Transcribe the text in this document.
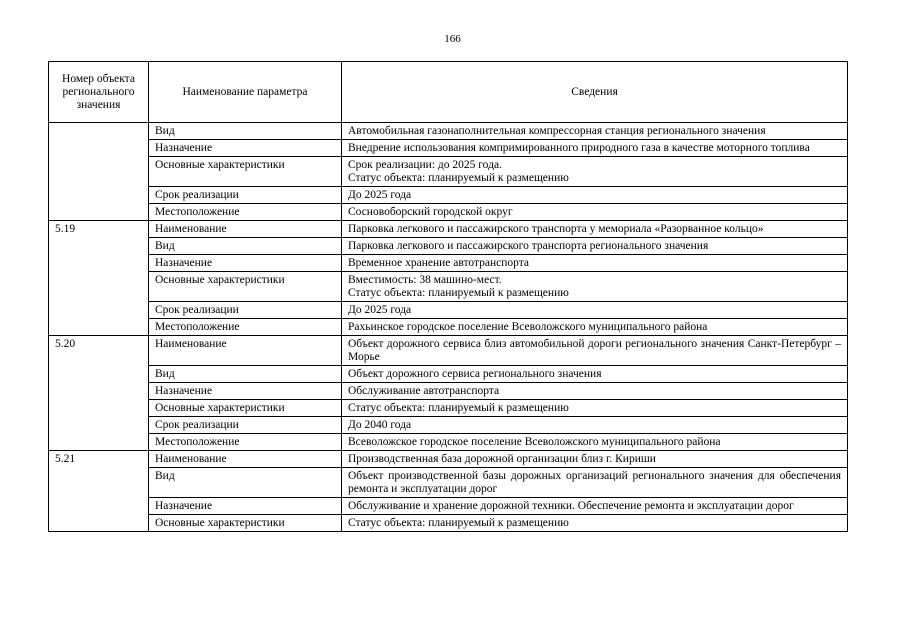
166
Номер объекта регионального значения	Наименование параметра	Сведения
	Вид	Автомобильная газонаполнительная компрессорная станция регионального значения
	Назначение	Внедрение использования компримированного природного газа в качестве моторного топлива
	Основные характеристики	Срок реализации: до 2025 года.
Статус объекта: планируемый к размещению
	Срок реализации	До 2025 года
	Местоположение	Сосновоборский городской округ
5.19	Наименование	Парковка легкового и пассажирского транспорта у мемориала «Разорванное кольцо»
	Вид	Парковка легкового и пассажирского транспорта регионального значения
	Назначение	Временное хранение автотранспорта
	Основные характеристики	Вместимость: 38 машино-мест.
Статус объекта: планируемый к размещению
	Срок реализации	До 2025 года
	Местоположение	Рахьинское городское поселение Всеволожского муниципального района
5.20	Наименование	Объект дорожного сервиса близ автомобильной дороги регионального значения Санкт-Петербург – Морье
	Вид	Объект дорожного сервиса регионального значения
	Назначение	Обслуживание автотранспорта
	Основные характеристики	Статус объекта: планируемый к размещению
	Срок реализации	До 2040 года
	Местоположение	Всеволожское городское поселение Всеволожского муниципального района
5.21	Наименование	Производственная база дорожной организации близ г. Кириши
	Вид	Объект производственной базы дорожных организаций регионального значения для обеспечения ремонта и эксплуатации дорог
	Назначение	Обслуживание и хранение дорожной техники. Обеспечение ремонта и эксплуатации дорог
	Основные характеристики	Статус объекта: планируемый к размещению
